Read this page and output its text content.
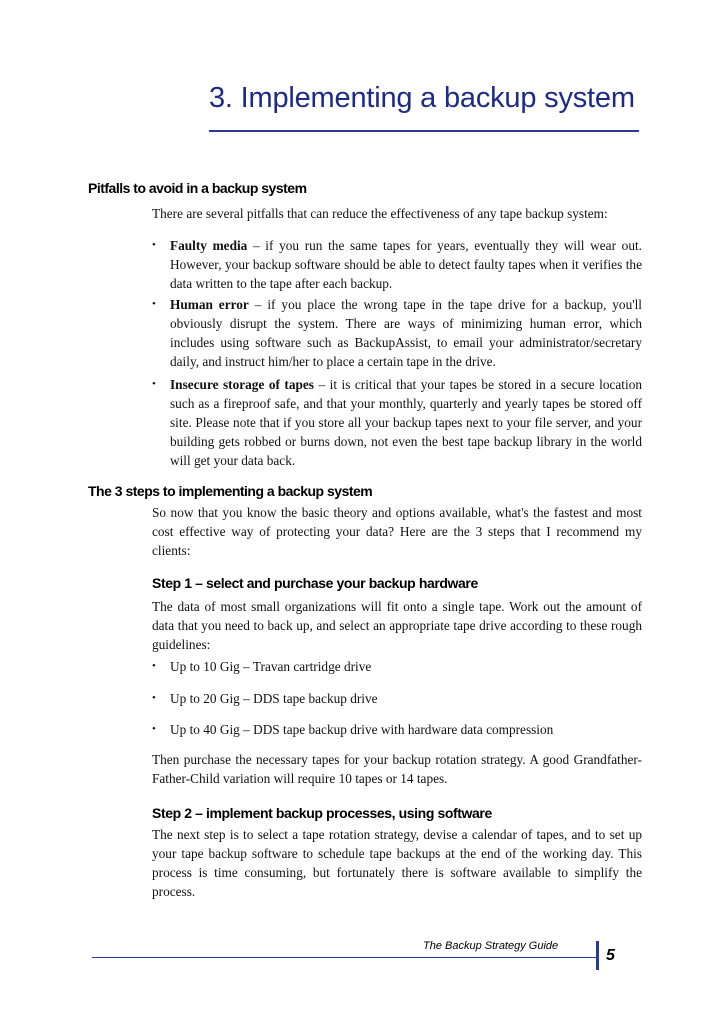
3. Implementing a backup system
Pitfalls to avoid in a backup system
There are several pitfalls that can reduce the effectiveness of any tape backup system:
• Faulty media – if you run the same tapes for years, eventually they will wear out. However, your backup software should be able to detect faulty tapes when it verifies the data written to the tape after each backup.
• Human error – if you place the wrong tape in the tape drive for a backup, you'll obviously disrupt the system. There are ways of minimizing human error, which includes using software such as BackupAssist, to email your administrator/secretary daily, and instruct him/her to place a certain tape in the drive.
• Insecure storage of tapes – it is critical that your tapes be stored in a secure location such as a fireproof safe, and that your monthly, quarterly and yearly tapes be stored off site. Please note that if you store all your backup tapes next to your file server, and your building gets robbed or burns down, not even the best tape backup library in the world will get your data back.
The 3 steps to implementing a backup system
So now that you know the basic theory and options available, what's the fastest and most cost effective way of protecting your data? Here are the 3 steps that I recommend my clients:
Step 1 – select and purchase your backup hardware
The data of most small organizations will fit onto a single tape. Work out the amount of data that you need to back up, and select an appropriate tape drive according to these rough guidelines:
• Up to 10 Gig – Travan cartridge drive
• Up to 20 Gig – DDS tape backup drive
• Up to 40 Gig – DDS tape backup drive with hardware data compression
Then purchase the necessary tapes for your backup rotation strategy. A good Grandfather-Father-Child variation will require 10 tapes or 14 tapes.
Step 2 – implement backup processes, using software
The next step is to select a tape rotation strategy, devise a calendar of tapes, and to set up your tape backup software to schedule tape backups at the end of the working day. This process is time consuming, but fortunately there is software available to simplify the process.
The Backup Strategy Guide
5
